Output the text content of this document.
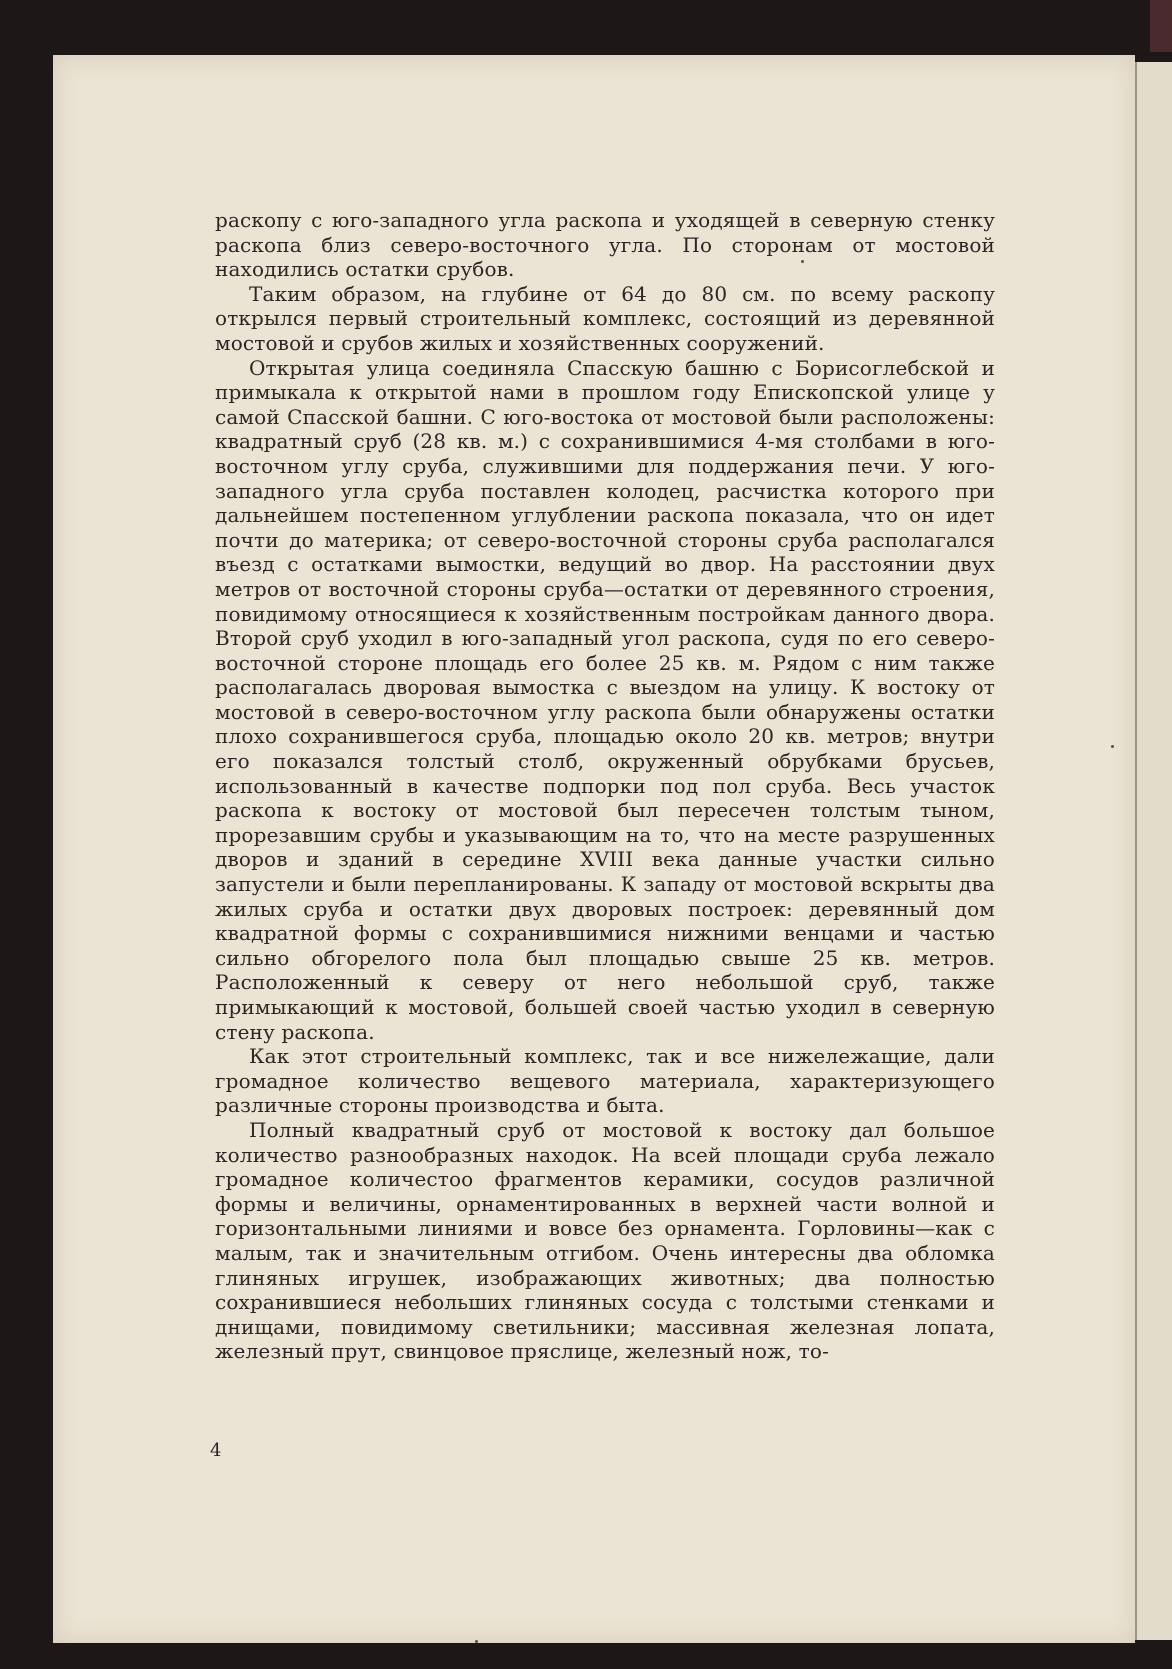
раскопу с юго-западного угла раскопа и уходящей в северную стенку раскопа близ северо-восточного угла. По сторонам от мостовой находились остатки срубов.

Таким образом, на глубине от 64 до 80 см. по всему раскопу открылся первый строительный комплекс, состоящий из деревянной мостовой и срубов жилых и хозяйственных сооружений.

Открытая улица соединяла Спасскую башню с Борисоглебской и примыкала к открытой нами в прошлом году Епископской улице у самой Спасской башни. С юго-востока от мостовой были расположены: квадратный сруб (28 кв. м.) с сохранившимися 4-мя столбами в юго-восточном углу сруба, служившими для поддержания печи. У юго-западного угла сруба поставлен колодец, расчистка которого при дальнейшем постепенном углублении раскопа показала, что он идет почти до материка; от северо-восточной стороны сруба располагался въезд с остатками вымостки, ведущий во двор. На расстоянии двух метров от восточной стороны сруба—остатки от деревянного строения, повидимому относящиеся к хозяйственным постройкам данного двора. Второй сруб уходил в юго-западный угол раскопа, судя по его северо-восточной стороне площадь его более 25 кв. м. Рядом с ним также располагалась дворовая вымостка с выездом на улицу. К востоку от мостовой в северо-восточном углу раскопа были обнаружены остатки плохо сохранившегося сруба, площадью около 20 кв. метров; внутри его показался толстый столб, окруженный обрубками брусьев, использованный в качестве подпорки под пол сруба. Весь участок раскопа к востоку от мостовой был пересечен толстым тыном, прорезавшим срубы и указывающим на то, что на месте разрушенных дворов и зданий в середине XVIII века данные участки сильно запустели и были перепланированы. К западу от мостовой вскрыты два жилых сруба и остатки двух дворовых построек: деревянный дом квадратной формы с сохранившимися нижними венцами и частью сильно обгорелого пола был площадью свыше 25 кв. метров. Расположенный к северу от него небольшой сруб, также примыкающий к мостовой, большей своей частью уходил в северную стену раскопа.

Как этот строительный комплекс, так и все нижележащие, дали громадное количество вещевого материала, характеризующего различные стороны производства и быта.

Полный квадратный сруб от мостовой к востоку дал большое количество разнообразных находок. На всей площади сруба лежало громадное количестоо фрагментов керамики, сосудов различной формы и величины, орнаментированных в верхней части волной и горизонтальными линиями и вовсе без орнамента. Горловины—как с малым, так и значительным отгибом. Очень интересны два обломка глиняных игрушек, изображающих животных; два полностью сохранившиеся небольших глиняных сосуда с толстыми стенками и днищами, повидимому светильники; массивная железная лопата, железный прут, свинцовое пряслице, железный нож, то-

4
